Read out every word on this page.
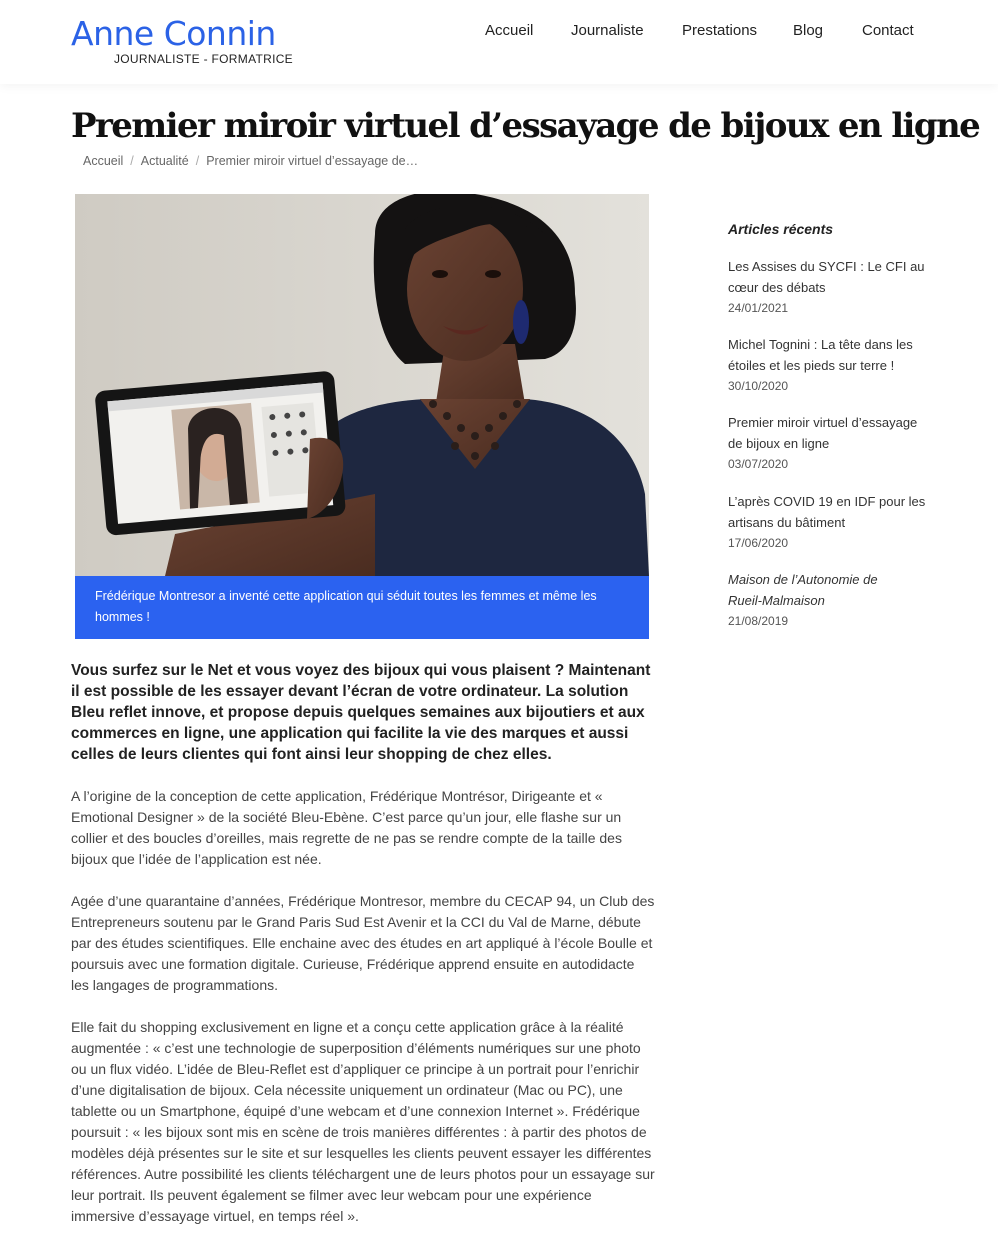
Anne Connin
JOURNALISTE - FORMATRICE
Accueil	Journaliste	Prestations Blog	Contact
Premier miroir virtuel d’essayage de bijoux en ligne
Accueil / Actualité / Premier miroir virtuel d’essayage de…
Frédérique Montresor a inventé cette application qui séduit toutes les femmes et même les hommes !

Vous surfez sur le Net et vous voyez des bijoux qui vous plaisent ? Maintenant il est possible de les essayer devant l’écran de votre ordinateur. La solution Bleu reflet innove, et propose depuis quelques semaines aux bijoutiers et aux commerces en ligne, une application qui facilite la vie des marques et aussi celles de leurs clientes qui font ainsi leur shopping de chez elles.

A l’origine de la conception de cette application, Frédérique Montrésor, Dirigeante et « Emotional Designer » de la société Bleu-Ebène. C’est parce qu’un jour, elle flashe sur un collier et des boucles d’oreilles, mais regrette de ne pas se rendre compte de la taille des bijoux que l’idée de l’application est née.

Agée d’une quarantaine d’années, Frédérique Montresor, membre du CECAP 94, un Club des Entrepreneurs soutenu par le Grand Paris Sud Est Avenir et la CCI du Val de Marne, débute par des études scientifiques. Elle enchaine avec des études en art appliqué à l’école Boulle et poursuis avec une formation digitale. Curieuse, Frédérique apprend ensuite en autodidacte les langages de programmations.

Elle fait du shopping exclusivement en ligne et a conçu cette application grâce à la réalité augmentée : « c’est une technologie de superposition d’éléments numériques sur une photo ou un flux vidéo. L’idée de Bleu-Reflet est d’appliquer ce principe à un portrait pour l’enrichir d’une digitalisation de bijoux. Cela nécessite uniquement un ordinateur (Mac ou PC), une tablette ou un Smartphone, équipé d’une webcam et d’une connexion Internet ». Frédérique poursuit : « les bijoux sont mis en scène de trois manières différentes : à partir des photos de modèles déjà présentes sur le site et sur lesquelles les clients peuvent essayer les différentes références. Autre possibilité les clients téléchargent une de leurs photos pour un essayage sur leur portrait. Ils peuvent également se filmer avec leur webcam pour une expérience immersive d’essayage virtuel, en temps réel ».

Articles récents
Les Assises du SYCFI : Le CFI au cœur des débats
24/01/2021
Michel Tognini : La tête dans les étoiles et les pieds sur terre !
30/10/2020
Premier miroir virtuel d’essayage de bijoux en ligne
03/07/2020
L’après COVID 19 en IDF pour les artisans du bâtiment
17/06/2020
Maison de l’Autonomie de Rueil-Malmaison
21/08/2019
